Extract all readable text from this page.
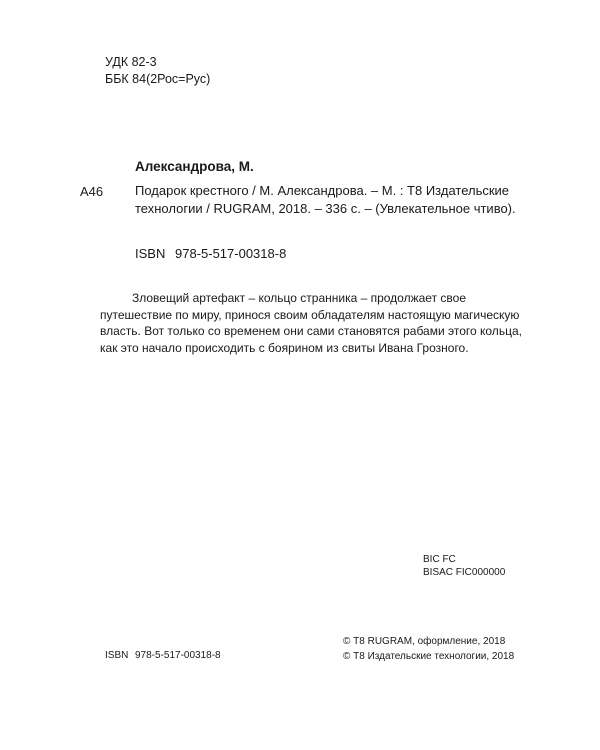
УДК 82-3
ББК 84(2Рос=Рус)
Александрова, М.
А46 Подарок крестного / М. Александрова. – М. : Т8 Издательские
технологии / RUGRAM, 2018. – 336 с. – (Увлекательное чтиво).
ISBN 978-5-517-00318-8
Зловещий артефакт – кольцо странника – продолжает свое путешествие по миру, принося своим обладателям настоящую магическую власть. Вот только со временем они сами становятся рабами этого кольца, как это начало происходить с боярином из свиты Ивана Грозного.
BIC FC
BISAC FIC000000
© Т8 RUGRAM, оформление, 2018
© Т8 Издательские технологии, 2018
ISBN 978-5-517-00318-8
